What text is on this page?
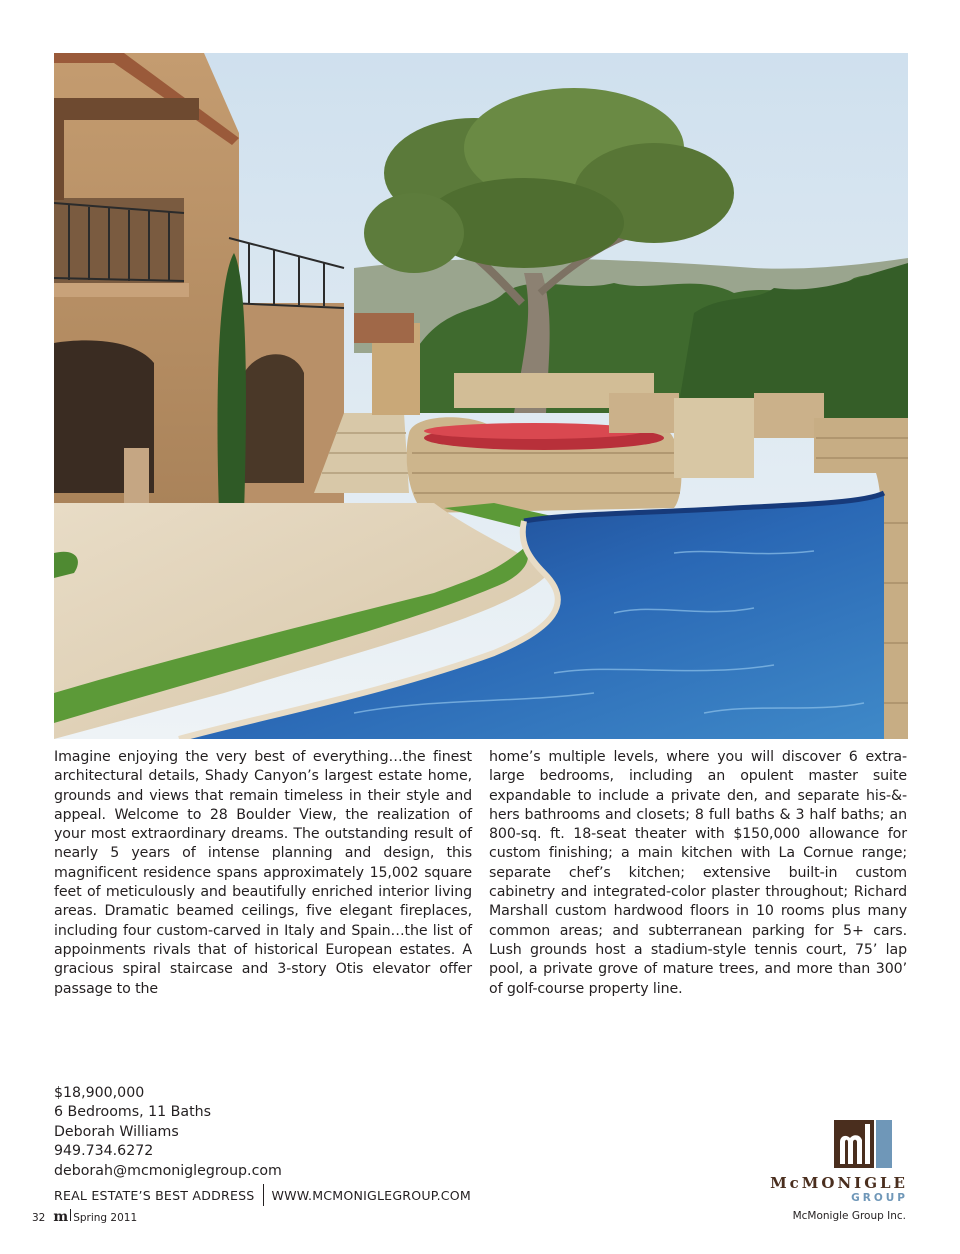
Imagine enjoying the very best of everything…the finest architectural details, Shady Canyon’s largest estate home, grounds and views that remain timeless in their style and appeal. Welcome to 28 Boulder View, the realization of your most extraordinary dreams. The outstanding result of nearly 5 years of intense planning and design, this magnificent residence spans approximately 15,002 square feet of meticulously and beautifully enriched interior living areas. Dramatic beamed ceilings, five elegant fireplaces, including four custom-carved in Italy and Spain…the list of appoinments rivals that of historical European estates. A gracious spiral staircase and 3-story Otis elevator offer passage to the

home’s multiple levels, where you will discover 6 extra-large bedrooms, including an opulent master suite expandable to include a private den, and separate his-&-hers bathrooms and closets; 8 full baths & 3 half baths; an 800-sq. ft. 18-seat theater with $150,000 allowance for custom finishing; a main kitchen with La Cornue range; separate chef’s kitchen; extensive built-in custom cabinetry and integrated-color plaster throughout; Richard Marshall custom hardwood floors in 10 rooms plus many common areas; and subterranean parking for 5+ cars. Lush grounds host a stadium-style tennis court, 75’ lap pool, a private grove of mature trees, and more than 300’ of golf-course property line.

$18,900,000
6 Bedrooms, 11 Baths
Deborah Williams
949.734.6272
deborah@mcmoniglegroup.com
REAL ESTATE’S BEST ADDRESS WWW.MCMONIGLEGROUP.COM
32 m Spring 2011
McMONIGLE
GROUP
McMonigle Group Inc.
